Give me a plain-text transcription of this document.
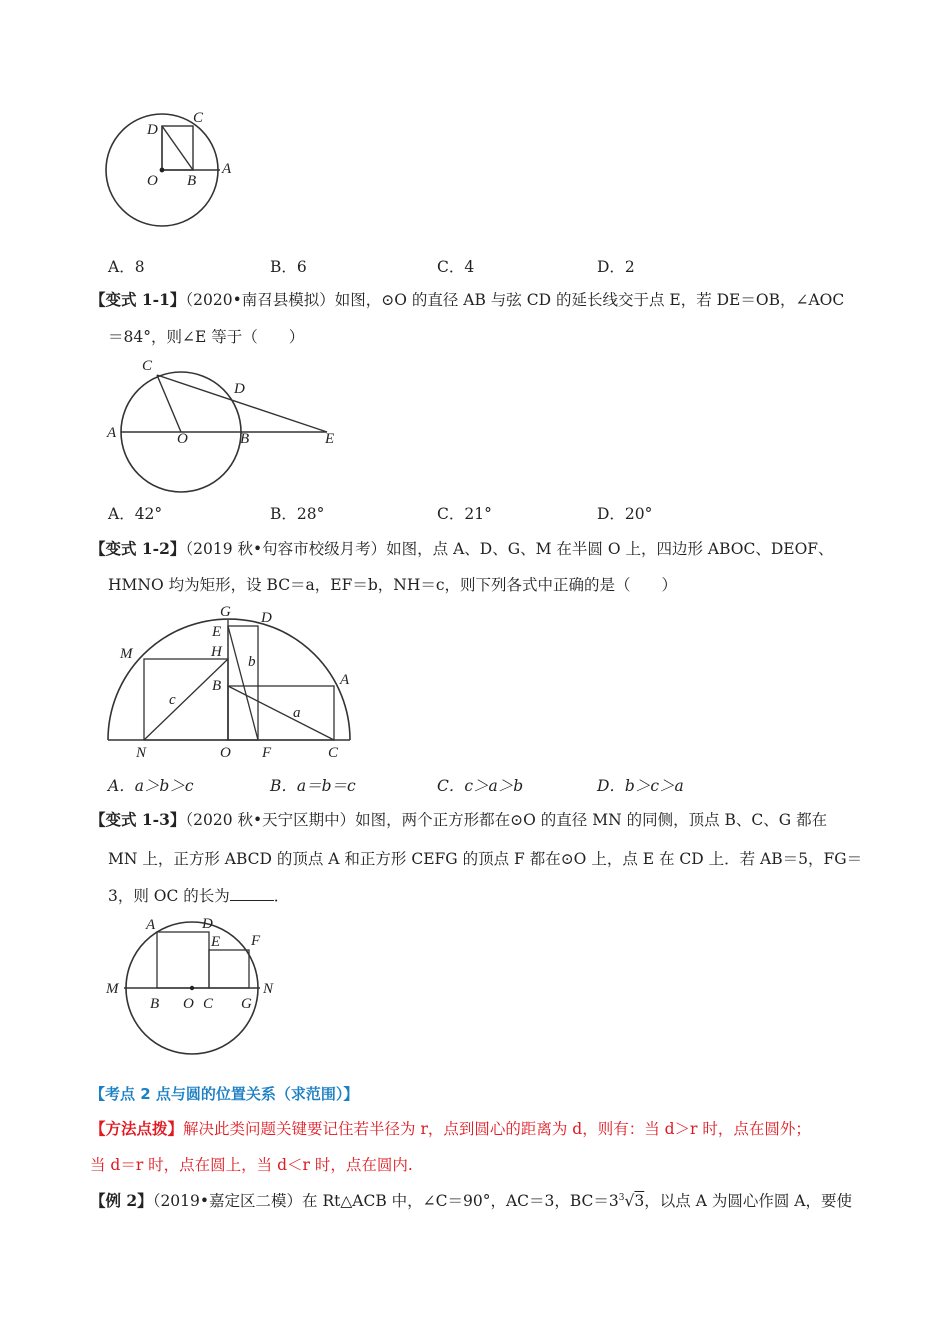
D
C
O B
A
A．8	B．6	C．4	D．2
【变式 1-1】（2020•南召县模拟）如图，⊙O 的直径 AB 与弦 CD 的延长线交于点 E，若 DE＝OB，∠AOC
＝84°，则∠E 等于（　　）
C
D
A	O	B	E
A．42°	B．28°	C．21°	D．20°
【变式 1-2】（2019 秋•句容市校级月考）如图，点 A、D、G、M 在半圆 O 上，四边形 ABOC、DEOF、
HMNO 均为矩形，设 BC＝a，EF＝b，NH＝c，则下列各式中正确的是（　　）
G D
E
M	H
b
A
B
c
a
N	O F	C
A．a＞b＞c	B．a＝b＝c	C．c＞a＞b	D．b＞c＞a
【变式 1-3】（2020 秋•天宁区期中）如图，两个正方形都在⊙O 的直径 MN 的同侧，顶点 B、C、G 都在
MN 上，正方形 ABCD 的顶点 A 和正方形 CEFG 的顶点 F 都在⊙O 上，点 E 在 CD 上．若 AB＝5，FG＝
3，则 OC 的长为	．
A	D
E F
M
B O C G
N
【考点 2 点与圆的位置关系（求范围）】
【方法点拨】解决此类问题关键要记住若半径为 r，点到圆心的距离为 d，则有：当 d＞r 时，点在圆外；
当 d＝r 时，点在圆上，当 d＜r 时，点在圆内.
【例 2】（2019•嘉定区二模）在 Rt△ACB 中，∠C＝90°，AC＝3，$BC=3^3√3$，以点 A 为圆心作圆 A，要使
